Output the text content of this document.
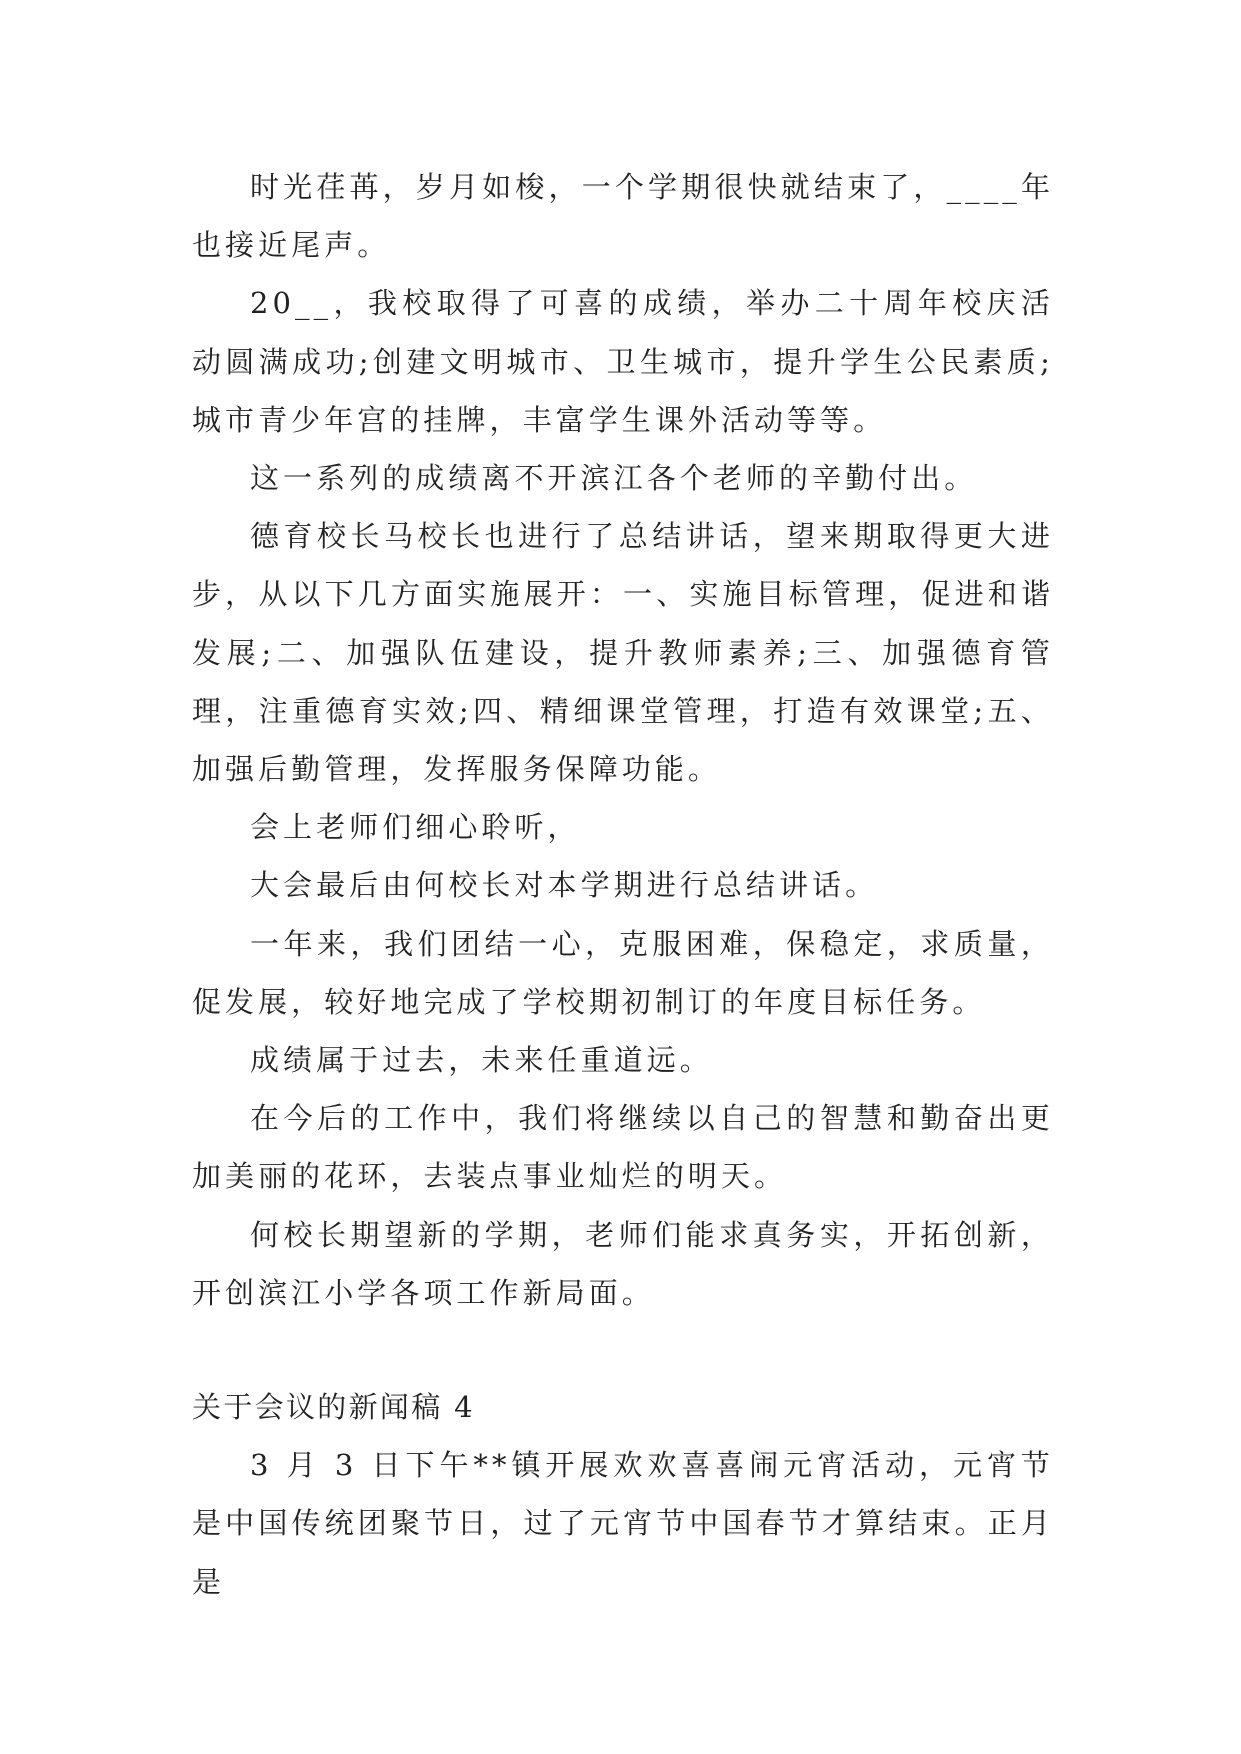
时光荏苒，岁月如梭，一个学期很快就结束了，____年也接近尾声。

20__，我校取得了可喜的成绩，举办二十周年校庆活动圆满成功;创建文明城市、卫生城市，提升学生公民素质;城市青少年宫的挂牌，丰富学生课外活动等等。

这一系列的成绩离不开滨江各个老师的辛勤付出。

德育校长马校长也进行了总结讲话，望来期取得更大进步，从以下几方面实施展开：一、实施目标管理，促进和谐发展;二、加强队伍建设，提升教师素养;三、加强德育管理，注重德育实效;四、精细课堂管理，打造有效课堂;五、加强后勤管理，发挥服务保障功能。

会上老师们细心聆听，

大会最后由何校长对本学期进行总结讲话。

一年来，我们团结一心，克服困难，保稳定，求质量，促发展，较好地完成了学校期初制订的年度目标任务。

成绩属于过去，未来任重道远。

在今后的工作中，我们将继续以自己的智慧和勤奋出更加美丽的花环，去装点事业灿烂的明天。

何校长期望新的学期，老师们能求真务实，开拓创新，开创滨江小学各项工作新局面。

关于会议的新闻稿 4

3 月 3 日下午**镇开展欢欢喜喜闹元宵活动，元宵节是中国传统团聚节日，过了元宵节中国春节才算结束。正月是
